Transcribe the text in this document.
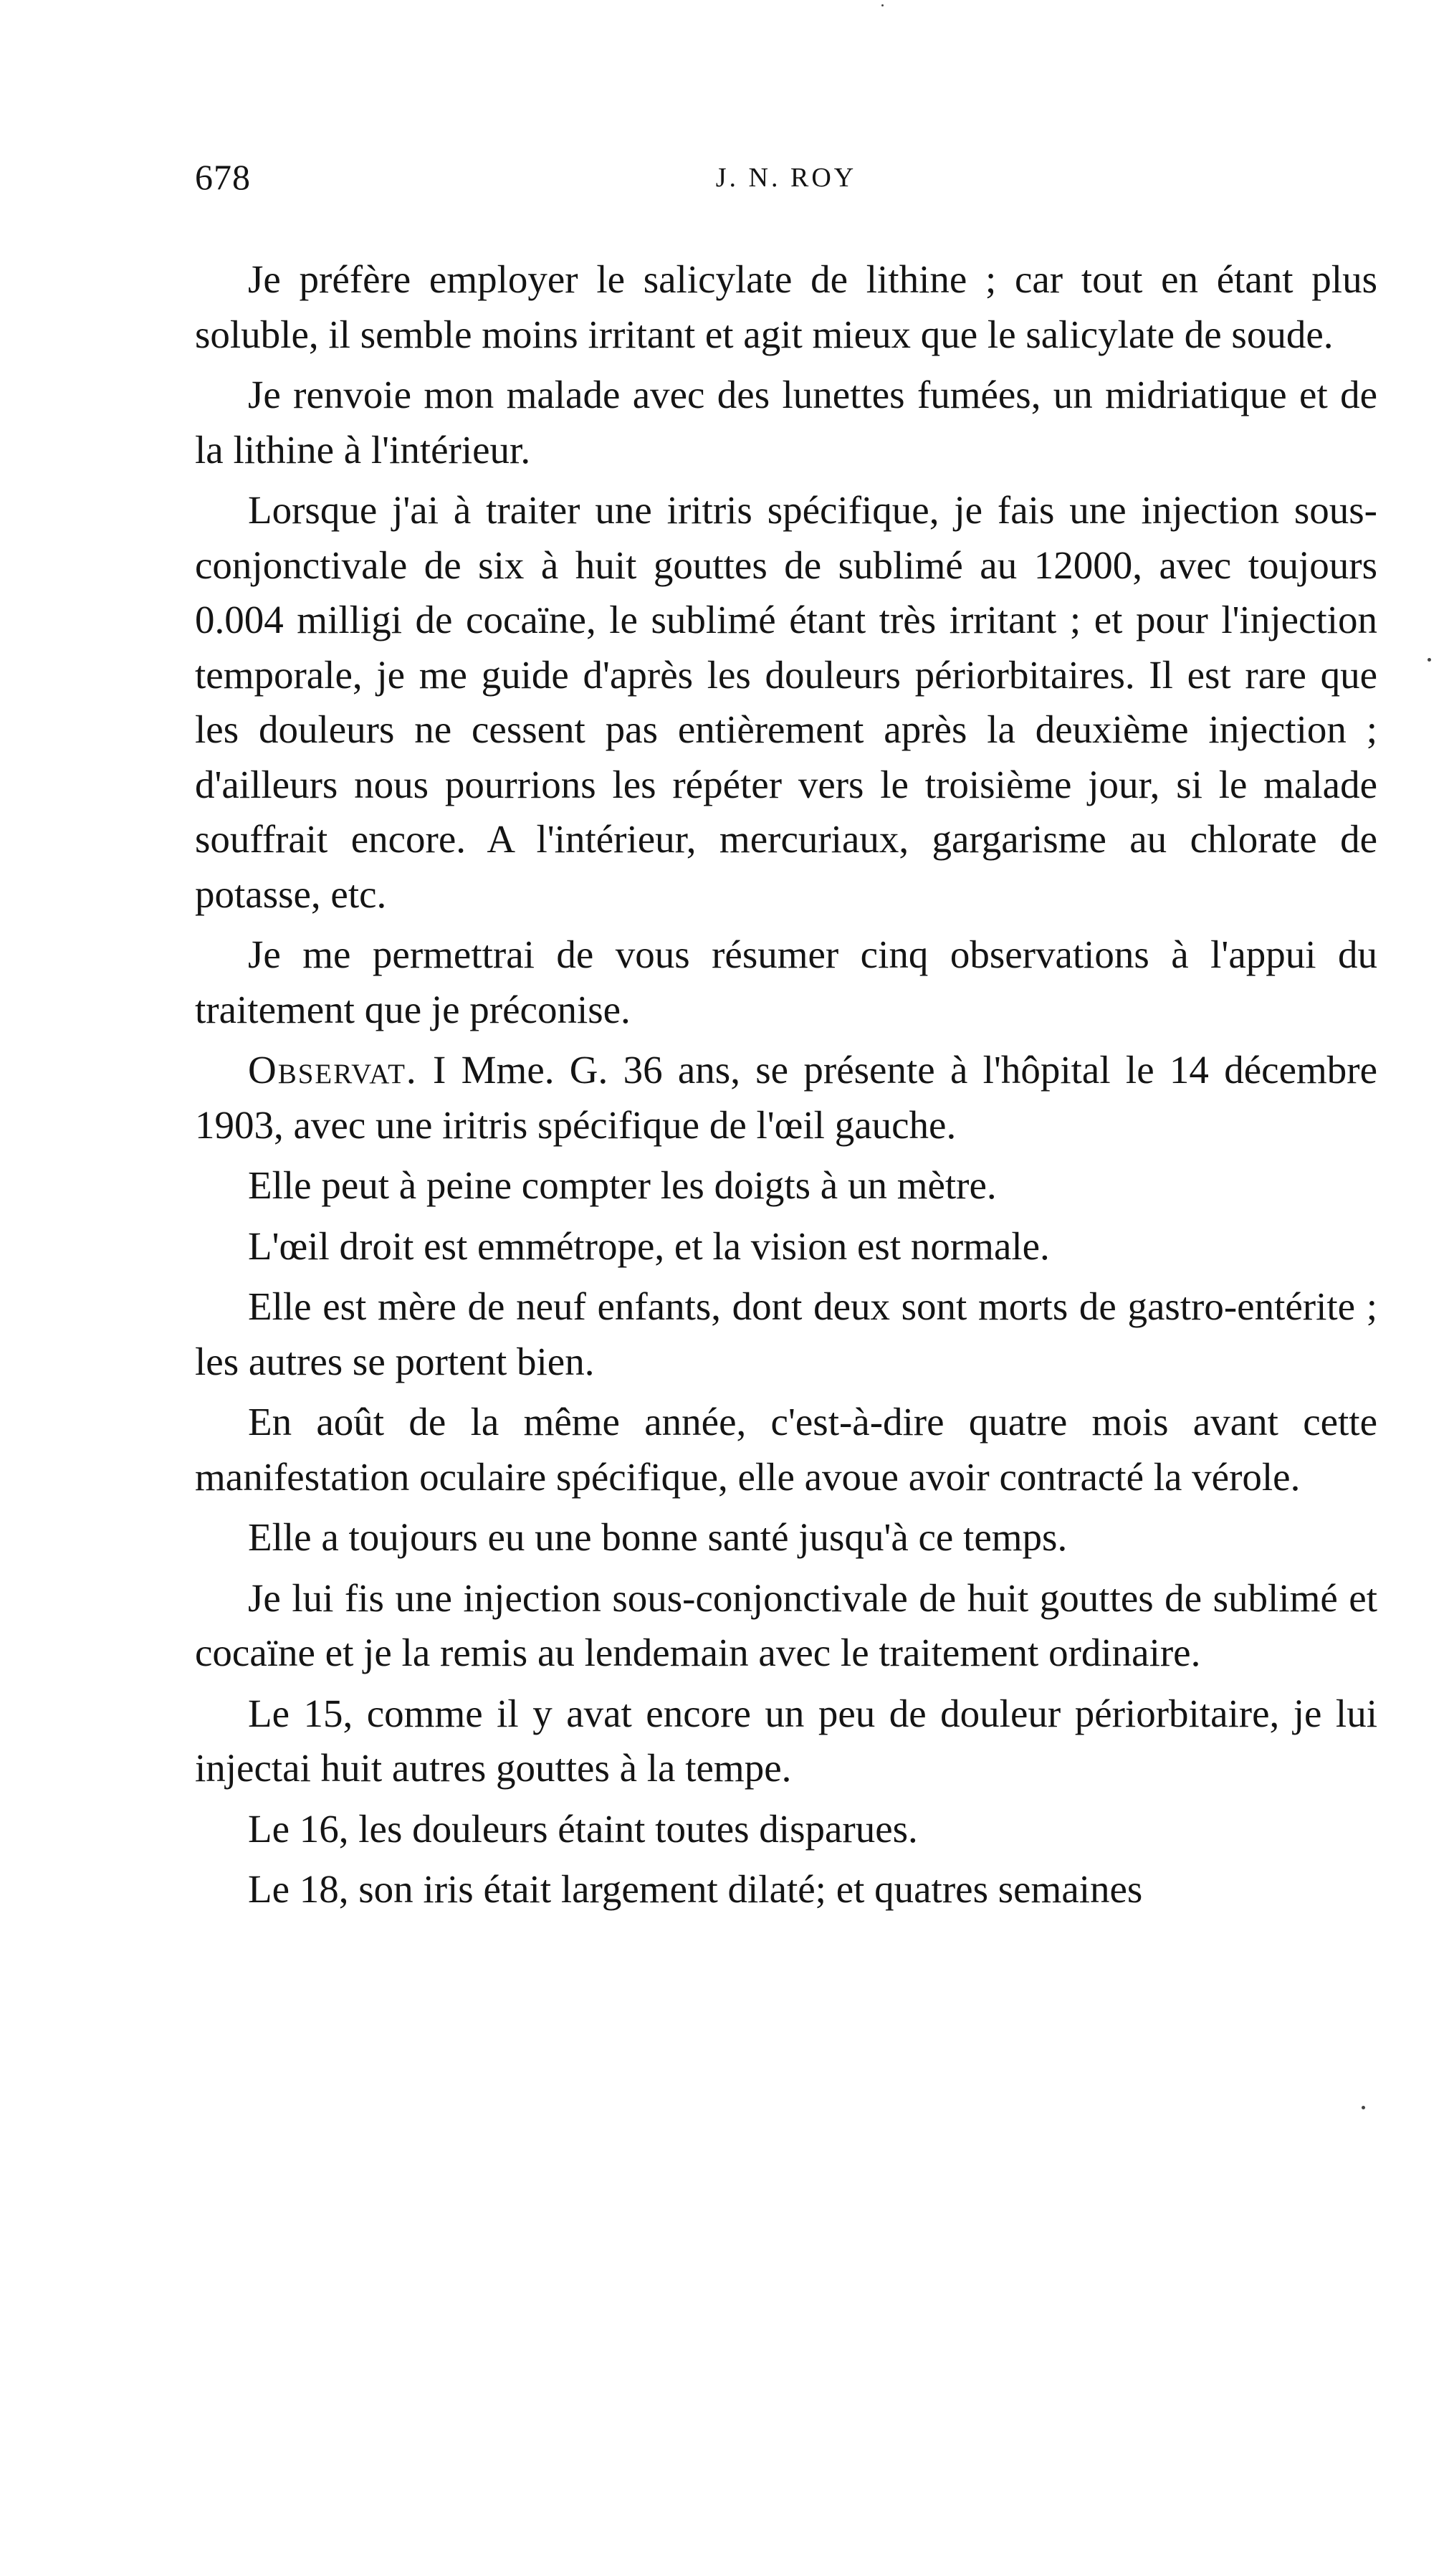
678	J. N. ROY

Je préfère employer le salicylate de lithine ; car tout en étant plus soluble, il semble moins irritant et agit mieux que le salicylate de soude.

Je renvoie mon malade avec des lunettes fumées, un midriatique et de la lithine à l'intérieur.

Lorsque j'ai à traiter une iritris spécifique, je fais une injection sous-conjonctivale de six à huit gouttes de sublimé au 12000, avec toujours 0.004 milligi de cocaïne, le sublimé étant très irritant ; et pour l'injection temporale, je me guide d'après les douleurs périorbitaires. Il est rare que les douleurs ne cessent pas entièrement après la deuxième injection ; d'ailleurs nous pourrions les répéter vers le troisième jour, si le malade souffrait encore. A l'intérieur, mercuriaux, gargarisme au chlorate de potasse, etc.

Je me permettrai de vous résumer cinq observations à l'appui du traitement que je préconise.

Observat. I Mme. G. 36 ans, se présente à l'hôpital le 14 décembre 1903, avec une iritris spécifique de l'œil gauche.

Elle peut à peine compter les doigts à un mètre.

L'œil droit est emmétrope, et la vision est normale.

Elle est mère de neuf enfants, dont deux sont morts de gastro-entérite ; les autres se portent bien.

En août de la même année, c'est-à-dire quatre mois avant cette manifestation oculaire spécifique, elle avoue avoir contracté la vérole.

Elle a toujours eu une bonne santé jusqu'à ce temps.

Je lui fis une injection sous-conjonctivale de huit gouttes de sublimé et cocaïne et je la remis au lendemain avec le traitement ordinaire.

Le 15, comme il y avat encore un peu de douleur périorbitaire, je lui injectai huit autres gouttes à la tempe.

Le 16, les douleurs étaint toutes disparues.

Le 18, son iris était largement dilaté; et quatres semaines
